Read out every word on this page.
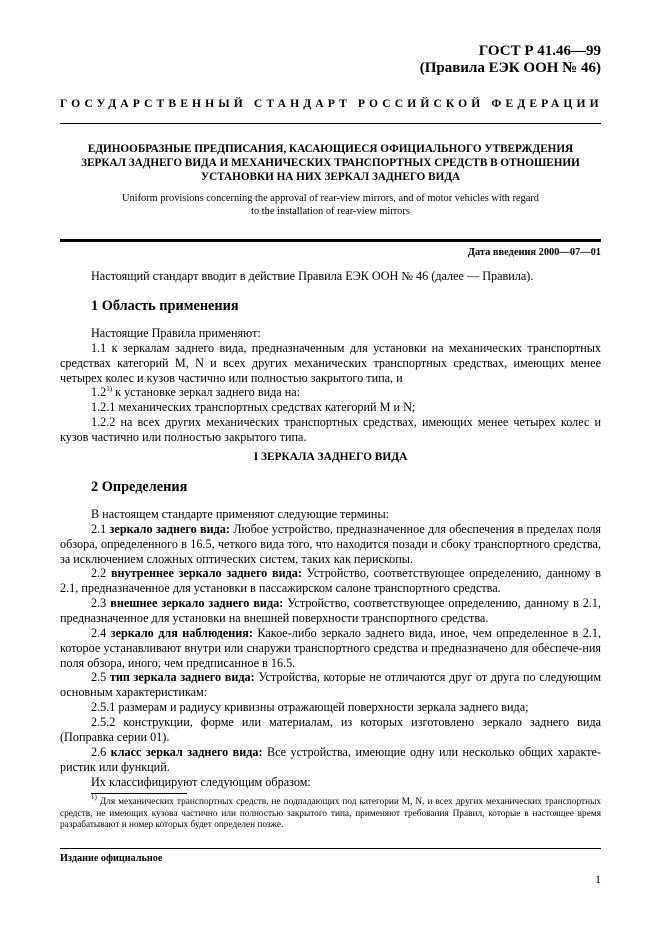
ГОСТ Р 41.46—99
(Правила ЕЭК ООН № 46)
ГОСУДАРСТВЕННЫЙ СТАНДАРТ РОССИЙСКОЙ ФЕДЕРАЦИИ
ЕДИНООБРАЗНЫЕ ПРЕДПИСАНИЯ, КАСАЮЩИЕСЯ ОФИЦИАЛЬНОГО УТВЕРЖДЕНИЯ
ЗЕРКАЛ ЗАДНЕГО ВИДА И МЕХАНИЧЕСКИХ ТРАНСПОРТНЫХ СРЕДСТВ В ОТНОШЕНИИ
УСТАНОВКИ НА НИХ ЗЕРКАЛ ЗАДНЕГО ВИДА
Uniform provisions concerning the approval of rear-view mirrors, and of motor vehicles with regard
to the installation of rear-view mirrors
Дата введения 2000—07—01
Настоящий стандарт вводит в действие Правила ЕЭК ООН № 46 (далее — Правила).
1 Область применения
Настоящие Правила применяют:
1.1 к зеркалам заднего вида, предназначенным для установки на механических транспортных средствах категорий M, N и всех других механических транспортных средствах, имеющих менее четырех колес и кузов частично или полностью закрытого типа, и
1.2$^{1)}$ к установке зеркал заднего вида на:
1.2.1 механических транспортных средствах категорий M и N;
1.2.2 на всех других механических транспортных средствах, имеющих менее четырех колес и кузов частично или полностью закрытого типа.
I ЗЕРКАЛА ЗАДНЕГО ВИДА
2 Определения
В настоящем стандарте применяют следующие термины:
2.1 зеркало заднего вида: Любое устройство, предназначенное для обеспечения в пределах поля обзора, определенного в 16.5, четкого вида того, что находится позади и сбоку транспортного средства, за исключением сложных оптических систем, таких как перископы.
2.2 внутреннее зеркало заднего вида: Устройство, соответствующее определению, данному в 2.1, предназначенное для установки в пассажирском салоне транспортного средства.
2.3 внешнее зеркало заднего вида: Устройство, соответствующее определению, данному в 2.1, предназначенное для установки на внешней поверхности транспортного средства.
2.4 зеркало для наблюдения: Какое-либо зеркало заднего вида, иное, чем определенное в 2.1, которое устанавливают внутри или снаружи транспортного средства и предназначено для обеспече-ния поля обзора, иного, чем предписанное в 16.5.
2.5 тип зеркала заднего вида: Устройства, которые не отличаются друг от друга по следующим основным характеристикам:
2.5.1 размерам и радиусу кривизны отражающей поверхности зеркала заднего вида;
2.5.2 конструкции, форме или материалам, из которых изготовлено зеркало заднего вида (Поправка серии 01).
2.6 класс зеркал заднего вида: Все устройства, имеющие одну или несколько общих характе-ристик или функций.
Их классифицируют следующим образом:
$^{1)}$ Для механических транспортных средств, не подпадающих под категории M, N, и всех других механических транспортных средств, не имеющих кузова частично или полностью закрытого типа, применяют требования Правил, которые в настоящее время разрабатывают и номер которых будет определен позже.
Издание официальное
1
